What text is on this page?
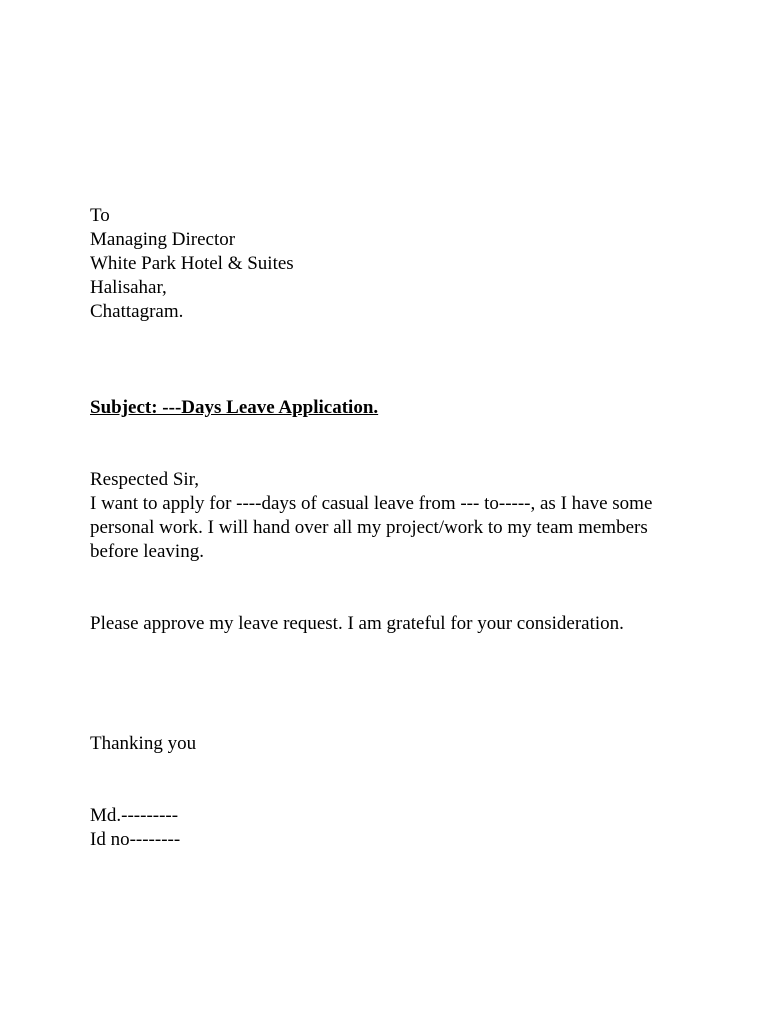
To
Managing Director
White Park Hotel & Suites
Halisahar,
Chattagram.
Subject: ---Days Leave Application.
Respected Sir,

I want to apply for ----days of casual leave from --- to-----, as I have some personal work. I will hand over all my project/work to my team members before leaving.

Please approve my leave request. I am grateful for your consideration.
Thanking you
Md.---------
Id no--------
